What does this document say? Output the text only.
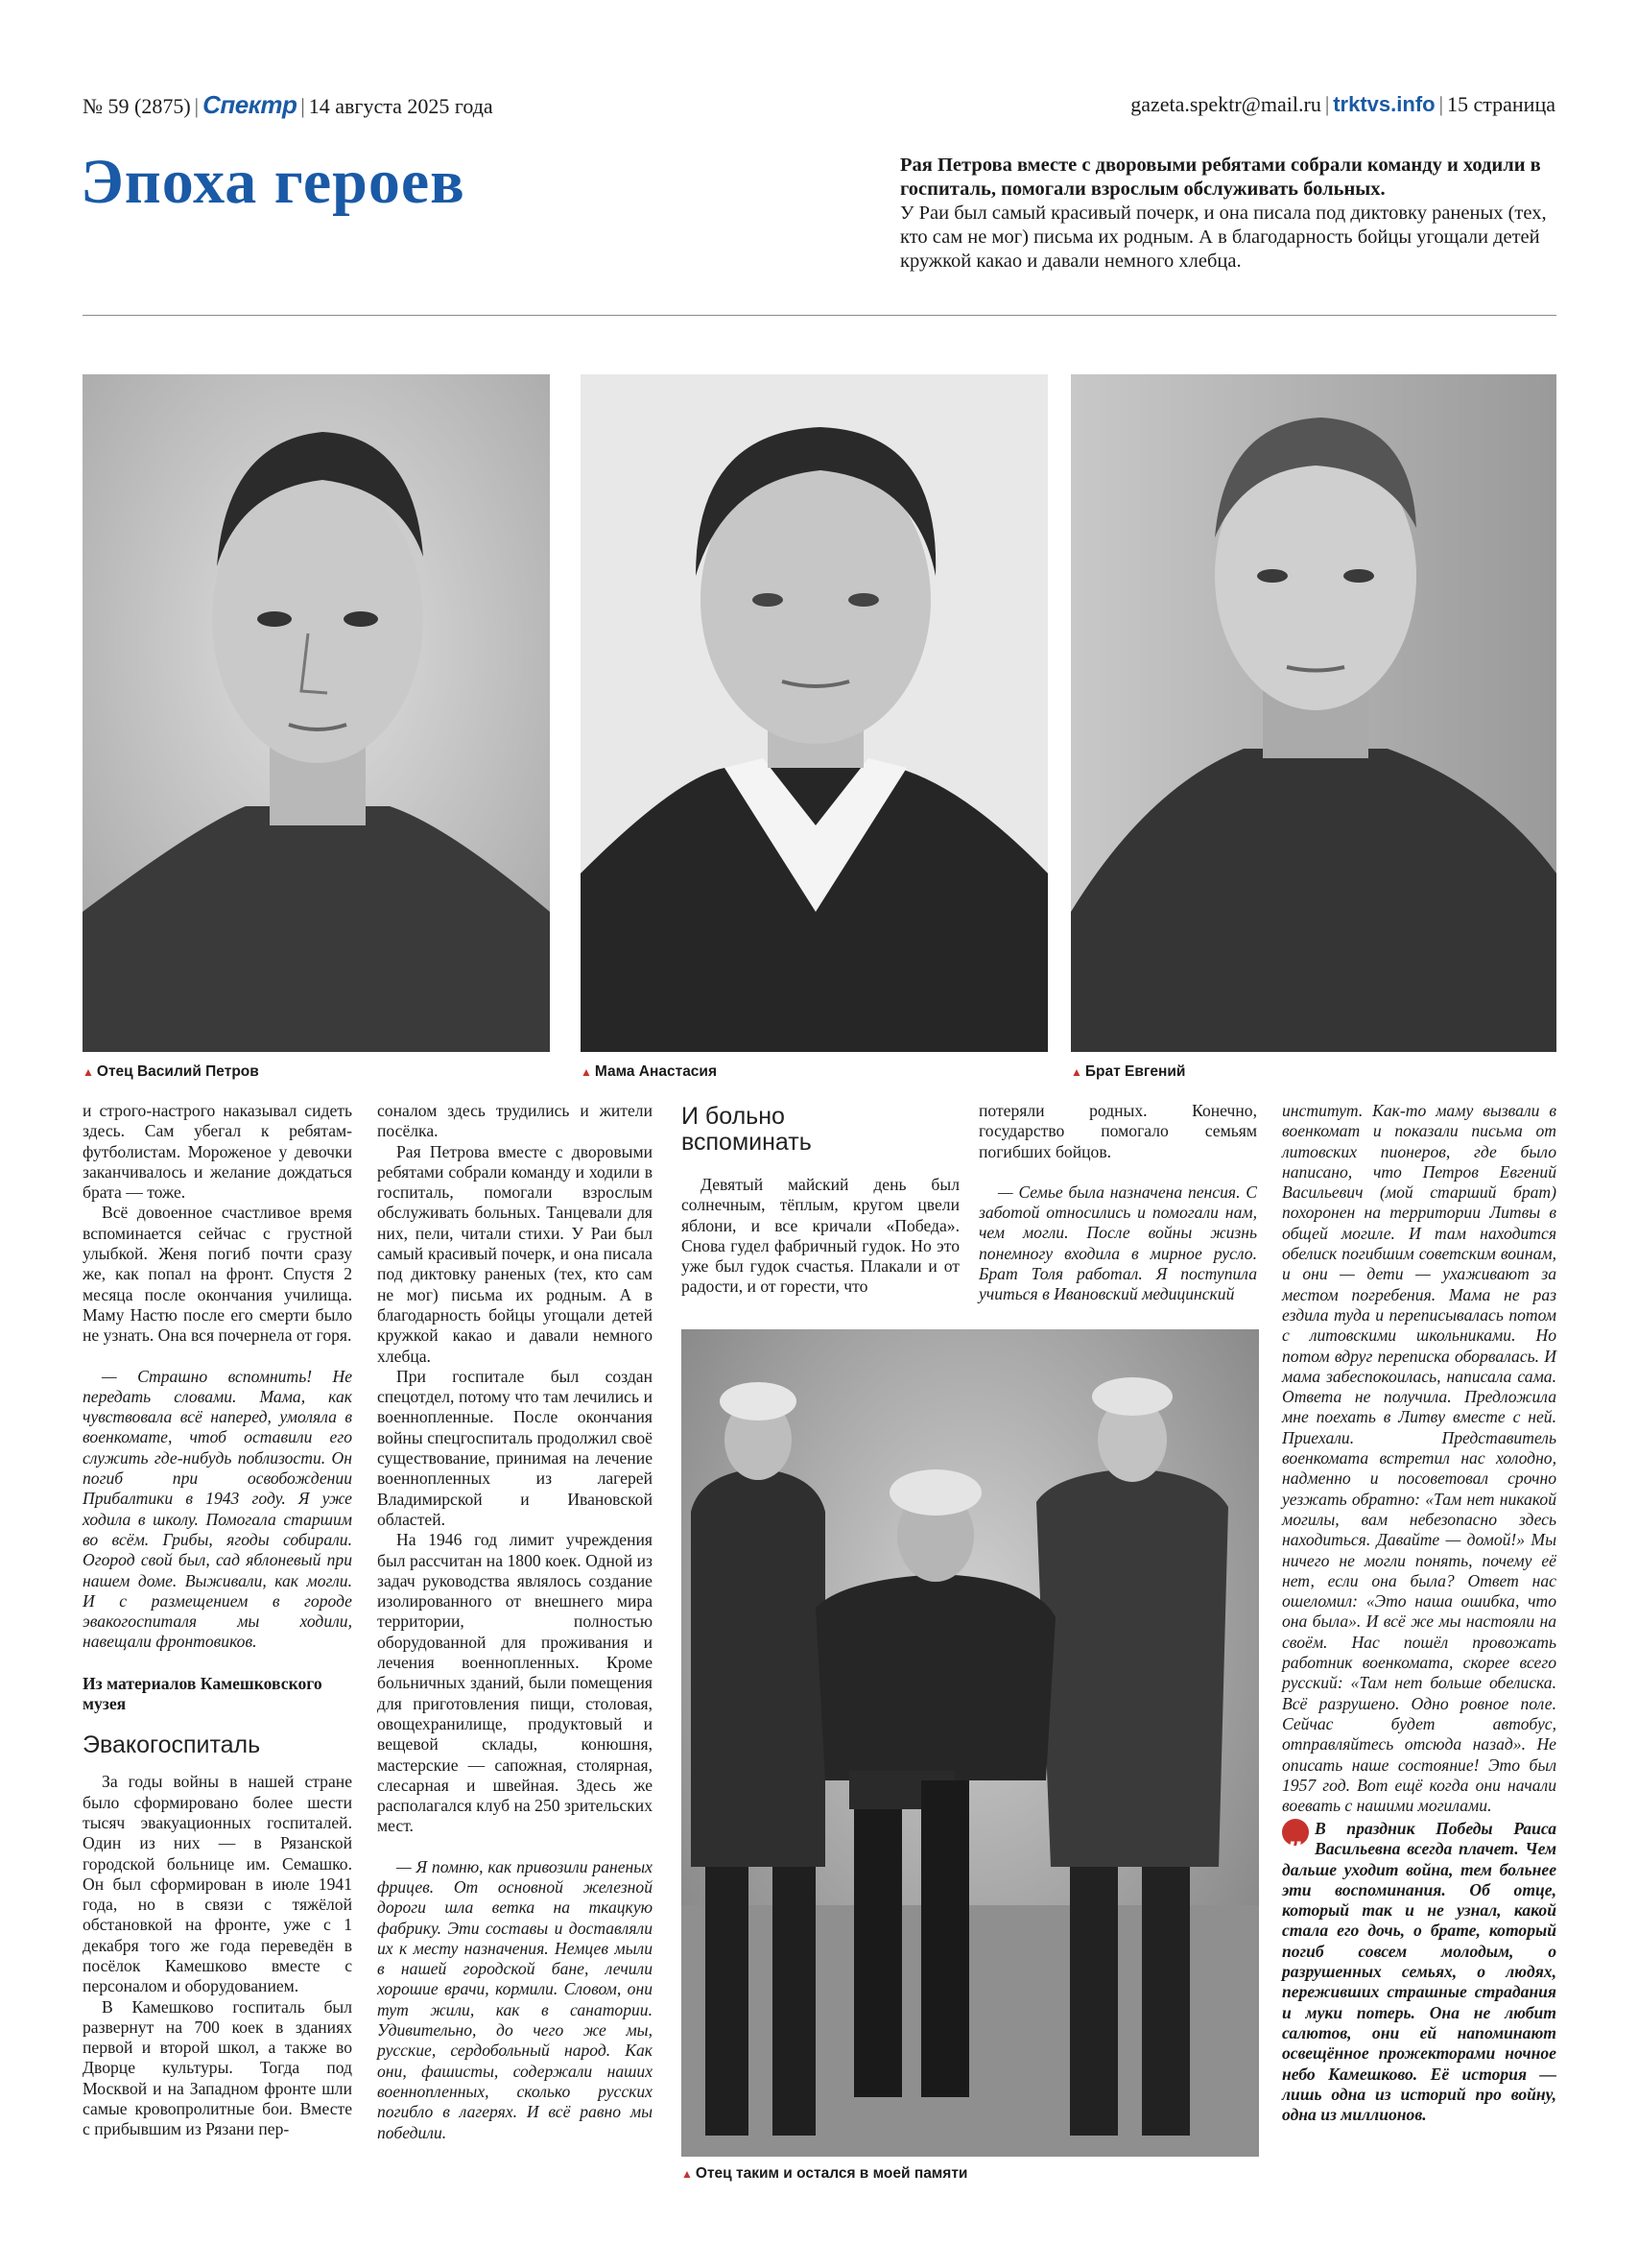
№ 59 (2875) | Спектр | 14 августа 2025 года	gazeta.spektr@mail.ru | trktvs.info | 15 страница
Эпоха героев	Рая Петрова вместе с дворовыми ребятами собрали команду и ходили в госпиталь, помогали взрослым обслуживать больных.
У Раи был самый красивый почерк, и она писала под диктовку раненых (тех, кто сам не мог) письма их родным. А в благодарность бойцы угощали детей кружкой какао и давали немного хлебца.
▲ Отец Василий Петров	▲ Мама Анастасия	▲ Брат Евгений
▲ Отец таким и остался в моей памяти

и строго-настрого наказывал сидеть здесь. Сам убегал к ребятам-футболистам. Мороженое у девочки заканчивалось и желание дождаться брата — тоже.

Всё довоенное счастливое время вспоминается сейчас с грустной улыбкой. Женя погиб почти сразу же, как попал на фронт. Спустя 2 месяца после окончания училища. Маму Настю после его смерти было не узнать. Она вся почернела от горя.

— Страшно вспомнить! Не передать словами. Мама, как чувствовала всё наперед, умоляла в военкомате, чтоб оставили его служить где-нибудь поблизости. Он погиб при освобождении Прибалтики в 1943 году. Я уже ходила в школу. Помогала старшим во всём. Грибы, ягоды собирали. Огород свой был, сад яблоневый при нашем доме. Выживали, как могли. И с размещением в городе эвакогоспиталя мы ходили, навещали фронтовиков.

Из материалов Камешковского музея
Эвакогоспиталь

За годы войны в нашей стране было сформировано более шести тысяч эвакуационных госпиталей. Один из них — в Рязанской городской больнице им. Семашко. Он был сформирован в июле 1941 года, но в связи с тяжёлой обстановкой на фронте, уже с 1 декабря того же года переведён в посёлок Камешково вместе с персоналом и оборудованием.

В Камешково госпиталь был развернут на 700 коек в зданиях первой и второй школ, а также во Дворце культуры. Тогда под Москвой и на Западном фронте шли самые кровопролитные бои. Вместе с прибывшим из Рязани пер-

соналом здесь трудились и жители посёлка.

Рая Петрова вместе с дворовыми ребятами собрали команду и ходили в госпиталь, помогали взрослым обслуживать больных. Танцевали для них, пели, читали стихи. У Раи был самый красивый почерк, и она писала под диктовку раненых (тех, кто сам не мог) письма их родным. А в благодарность бойцы угощали детей кружкой какао и давали немного хлебца.

При госпитале был создан спецотдел, потому что там лечились и военнопленные. После окончания войны спецгоспиталь продолжил своё существование, принимая на лечение военнопленных из лагерей Владимирской и Ивановской областей.

На 1946 год лимит учреждения был рассчитан на 1800 коек. Одной из задач руководства являлось создание изолированного от внешнего мира территории, полностью оборудованной для проживания и лечения военнопленных. Кроме больничных зданий, были помещения для приготовления пищи, столовая, овощехранилище, продуктовый и вещевой склады, конюшня, мастерские — сапожная, столярная, слесарная и швейная. Здесь же располагался клуб на 250 зрительских мест.

— Я помню, как привозили раненых фрицев. От основной железной дороги шла ветка на ткацкую фабрику. Эти составы и доставляли их к месту назначения. Немцев мыли в нашей городской бане, лечили хорошие врачи, кормили. Словом, они тут жили, как в санатории. Удивительно, до чего же мы, русские, сердобольный народ. Как они, фашисты, содержали наших военнопленных, сколько русских погибло в лагерях. И всё равно мы победили.

И больно
вспоминать

Девятый майский день был солнечным, тёплым, кругом цвели яблони, и все кричали «Победа». Снова гудел фабричный гудок. Но это уже был гудок счастья. Плакали и от радости, и от горести, что

потеряли родных. Конечно, государство помогало семьям погибших бойцов.

— Семье была назначена пенсия. С заботой относились и помогали нам, чем могли. После войны жизнь понемногу входила в мирное русло. Брат Толя работал. Я поступила учиться в Ивановский медицинский

институт. Как-то маму вызвали в военкомат и показали письма от литовских пионеров, где было написано, что Петров Евгений Васильевич (мой старший брат) похоронен на территории Литвы в общей могиле. И там находится обелиск погибшим советским воинам, и они — дети — ухаживают за местом погребения. Мама не раз ездила туда и переписывалась потом с литовскими школьниками. Но потом вдруг переписка оборвалась. И мама забеспокоилась, написала сама. Ответа не получила. Предложила мне поехать в Литву вместе с ней. Приехали. Представитель военкомата встретил нас холодно, надменно и посоветовал срочно уезжать обратно: «Там нет никакой могилы, вам небезопасно здесь находиться. Давайте — домой!» Мы ничего не могли понять, почему её нет, если она была? Ответ нас ошеломил: «Это наша ошибка, что она была». И всё же мы настояли на своём. Нас пошёл провожать работник военкомата, скорее всего русский: «Там нет больше обелиска. Всё разрушено. Одно ровное поле. Сейчас будет автобус, отправляйтесь отсюда назад». Не описать наше состояние! Это был 1957 год. Вот ещё когда они начали воевать с нашими могилами.

„ В праздник Победы Раиса Васильевна всегда плачет. Чем дальше уходит война, тем больнее эти воспоминания. Об отце, который так и не узнал, какой стала его дочь, о брате, который погиб совсем молодым, о разрушенных семьях, о людях, переживших страшные страдания и муки потерь. Она не любит салютов, они ей напоминают освещённое прожекторами ночное небо Камешково. Её история — лишь одна из историй про войну, одна из миллионов.
